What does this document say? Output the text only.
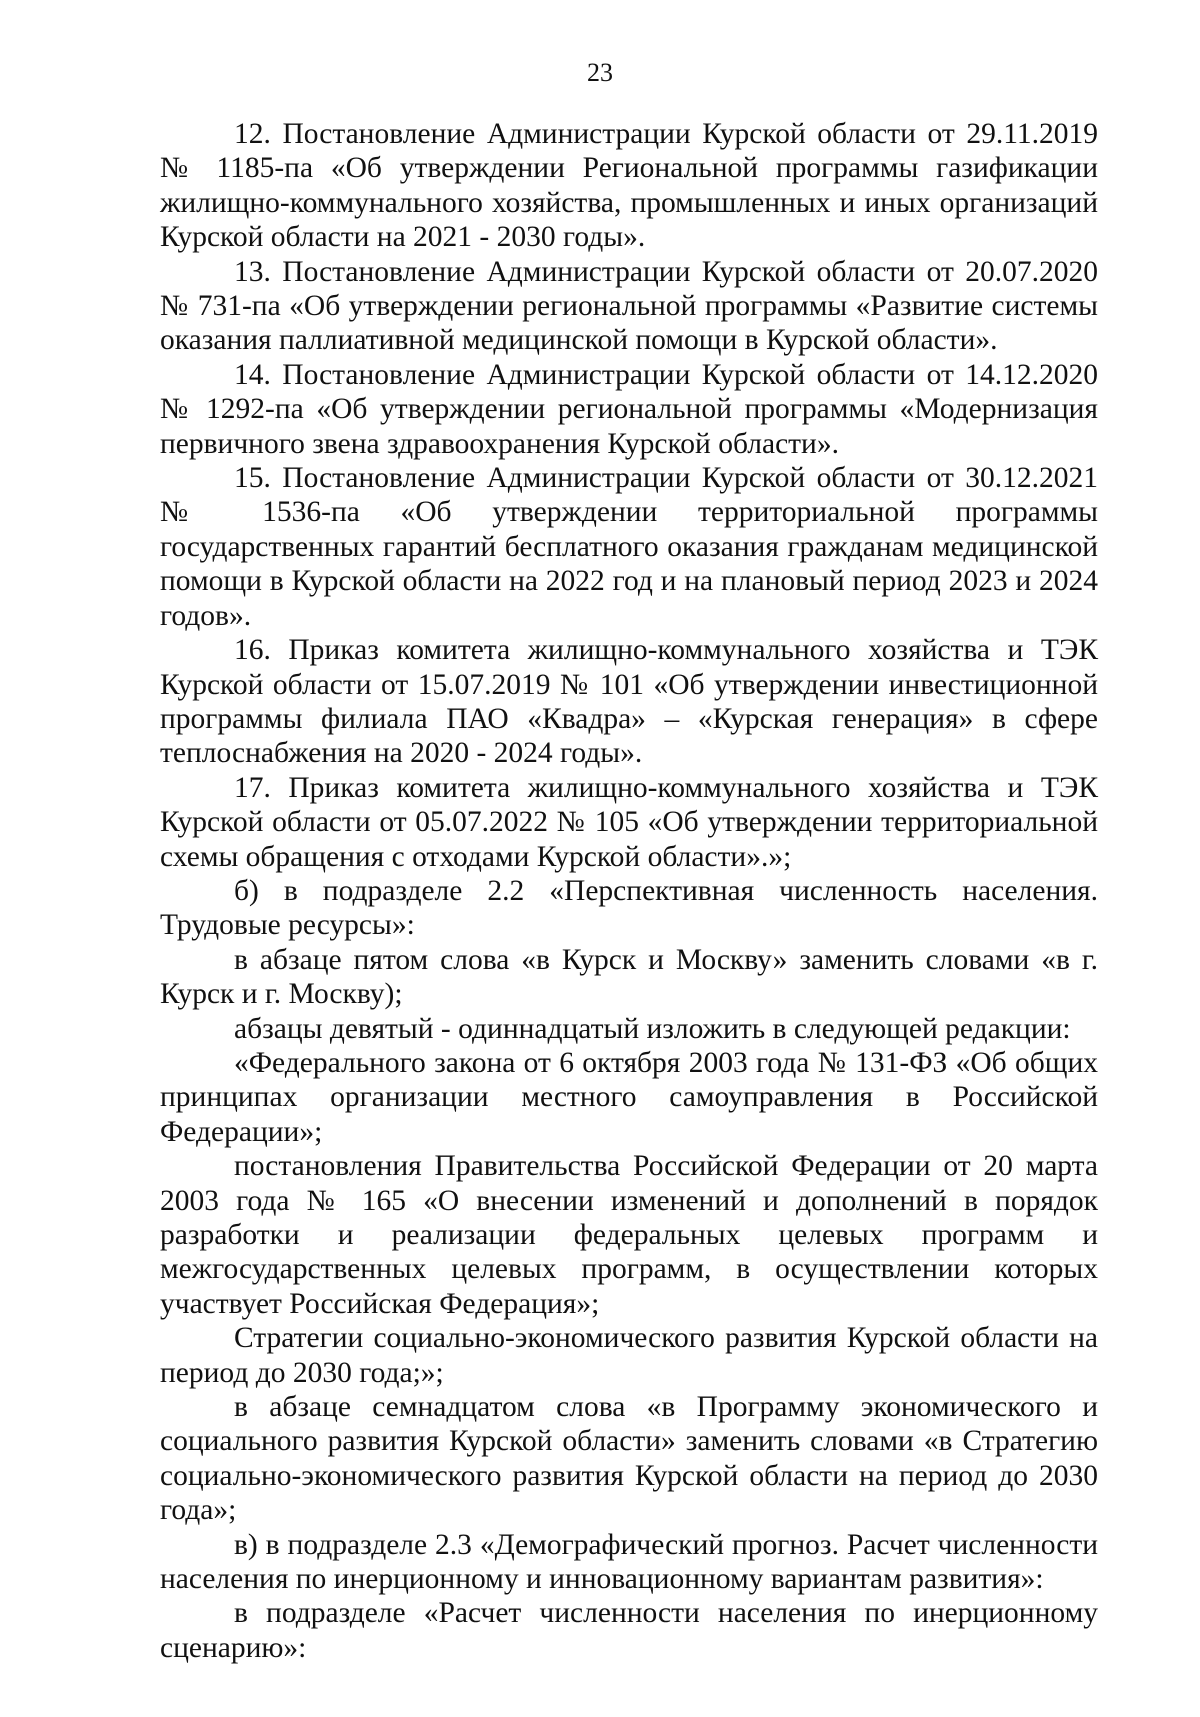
23

12. Постановление Администрации Курской области от 29.11.2019 № 1185-па «Об утверждении Региональной программы газификации жилищно-коммунального хозяйства, промышленных и иных организаций Курской области на 2021 - 2030 годы».

13. Постановление Администрации Курской области от 20.07.2020 № 731-па «Об утверждении региональной программы «Развитие системы оказания паллиативной медицинской помощи в Курской области».

14. Постановление Администрации Курской области от 14.12.2020 № 1292-па «Об утверждении региональной программы «Модернизация первичного звена здравоохранения Курской области».

15. Постановление Администрации Курской области от 30.12.2021 № 1536-па «Об утверждении территориальной программы государственных гарантий бесплатного оказания гражданам медицинской помощи в Курской области на 2022 год и на плановый период 2023 и 2024 годов».

16. Приказ комитета жилищно-коммунального хозяйства и ТЭК Курской области от 15.07.2019 № 101 «Об утверждении инвестиционной программы филиала ПАО «Квадра» – «Курская генерация» в сфере теплоснабжения на 2020 - 2024 годы».

17. Приказ комитета жилищно-коммунального хозяйства и ТЭК Курской области от 05.07.2022 № 105 «Об утверждении территориальной схемы обращения с отходами Курской области».»;

б) в подразделе 2.2 «Перспективная численность населения. Трудовые ресурсы»:

в абзаце пятом слова «в Курск и Москву» заменить словами «в г. Курск и г. Москву);

абзацы девятый - одиннадцатый изложить в следующей редакции:

«Федерального закона от 6 октября 2003 года № 131-ФЗ «Об общих принципах организации местного самоуправления в Российской Федерации»;

постановления Правительства Российской Федерации от 20 марта 2003 года № 165 «О внесении изменений и дополнений в порядок разработки и реализации федеральных целевых программ и межгосударственных целевых программ, в осуществлении которых участвует Российская Федерация»;

Стратегии социально-экономического развития Курской области на период до 2030 года;»;

в абзаце семнадцатом слова «в Программу экономического и социального развития Курской области» заменить словами «в Стратегию социально-экономического развития Курской области на период до 2030 года»;

в) в подразделе 2.3 «Демографический прогноз. Расчет численности населения по инерционному и инновационному вариантам развития»:

в подразделе «Расчет численности населения по инерционному сценарию»:
